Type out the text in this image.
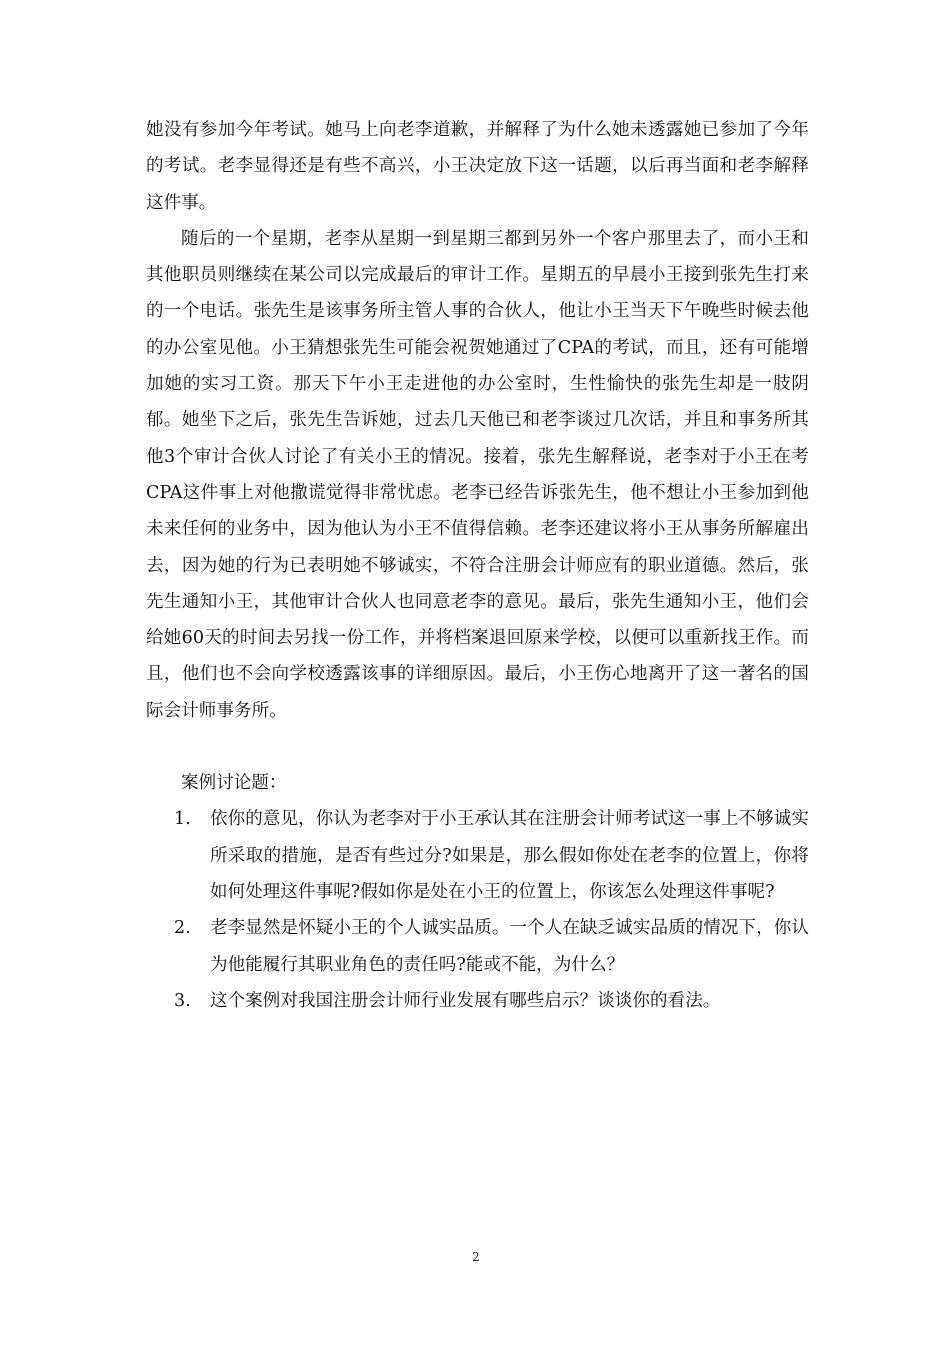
她没有参加今年考试。她马上向老李道歉，并解释了为什么她未透露她已参加了今年的考试。老李显得还是有些不高兴，小王决定放下这一话题，以后再当面和老李解释这件事。

随后的一个星期，老李从星期一到星期三都到另外一个客户那里去了，而小王和其他职员则继续在某公司以完成最后的审计工作。星期五的早晨小王接到张先生打来的一个电话。张先生是该事务所主管人事的合伙人，他让小王当天下午晚些时候去他的办公室见他。小王猜想张先生可能会祝贺她通过了CPA的考试，而且，还有可能增加她的实习工资。那天下午小王走进他的办公室时，生性愉快的张先生却是一肢阴郁。她坐下之后，张先生告诉她，过去几天他已和老李谈过几次话，并且和事务所其他3个审计合伙人讨论了有关小王的情况。接着，张先生解释说，老李对于小王在考CPA这件事上对他撒谎觉得非常忧虑。老李已经告诉张先生，他不想让小王参加到他未来任何的业务中，因为他认为小王不值得信赖。老李还建议将小王从事务所解雇出去，因为她的行为已表明她不够诚实，不符合注册会计师应有的职业道德。然后，张先生通知小王，其他审计合伙人也同意老李的意见。最后，张先生通知小王，他们会给她60天的时间去另找一份工作，并将档案退回原来学校，以便可以重新找王作。而且，他们也不会向学校透露该事的详细原因。最后，小王伤心地离开了这一著名的国际会计师事务所。

案例讨论题：

1. 依你的意见，你认为老李对于小王承认其在注册会计师考试这一事上不够诚实所采取的措施，是否有些过分?如果是，那么假如你处在老李的位置上，你将如何处理这件事呢?假如你是处在小王的位置上，你该怎么处理这件事呢?
2. 老李显然是怀疑小王的个人诚实品质。一个人在缺乏诚实品质的情况下，你认为他能履行其职业角色的责任吗?能或不能，为什么？
3. 这个案例对我国注册会计师行业发展有哪些启示？谈谈你的看法。
2
